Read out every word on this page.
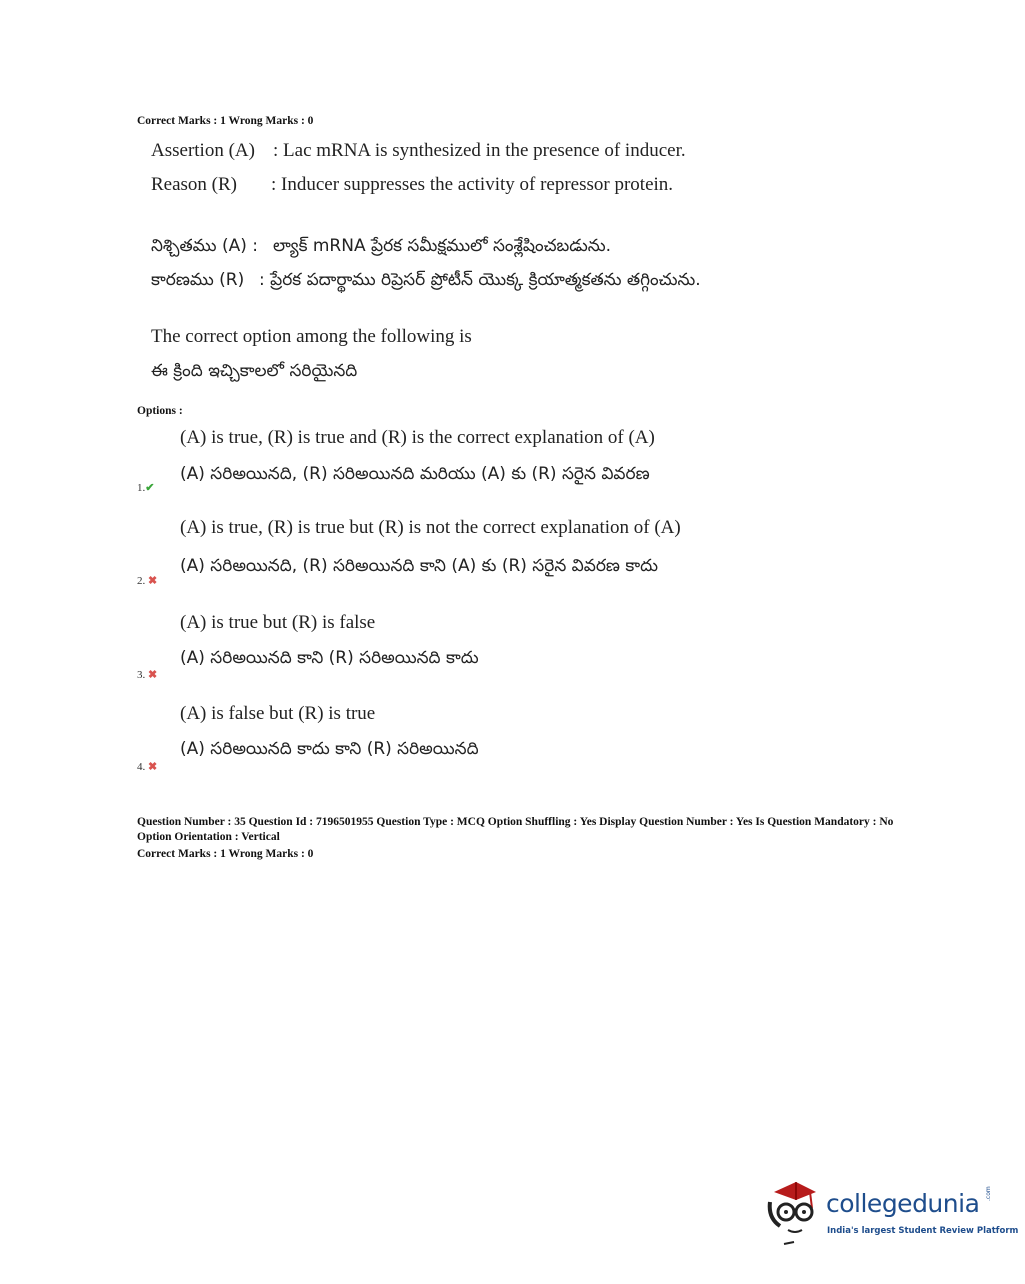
Correct Marks : 1 Wrong Marks : 0
Assertion (A) : Lac mRNA is synthesized in the presence of inducer.
Reason (R) : Inducer suppresses the activity of repressor protein.
నిశ్చితము (A) : ల్యాక్ mRNA ప్రేరక సమీక్షములో సంశ్లేషించబడును.
కారణము (R) : ప్రేరక పదార్థాము రిప్రెసర్ ప్రోటీన్ యొక్క క్రియాత్మకతను తగ్గించును.
The correct option among the following is
ఈ క్రింది ఇచ్చికాలలో సరియైనది
Options :
(A) is true, (R) is true and (R) is the correct explanation of (A)
(A) సరిఅయినది, (R) సరిఅయినది మరియు (A) కు (R) సరైన వివరణ
1.✔
(A) is true, (R) is true but (R) is not the correct explanation of (A)
(A) సరిఅయినది, (R) సరిఅయినది కాని (A) కు (R) సరైన వివరణ కాదు
2. ✖
(A) is true but (R) is false
(A) సరిఅయినది కాని (R) సరిఅయినది కాదు
3. ✖
(A) is false but (R) is true
(A) సరిఅయినది కాదు కాని (R) సరిఅయినది
4. ✖
Question Number : 35 Question Id : 7196501955 Question Type : MCQ Option Shuffling : Yes Display Question Number : Yes Is Question Mandatory : No Option Orientation : Vertical
Correct Marks : 1 Wrong Marks : 0
collegedunia .com
India's largest Student Review Platform
